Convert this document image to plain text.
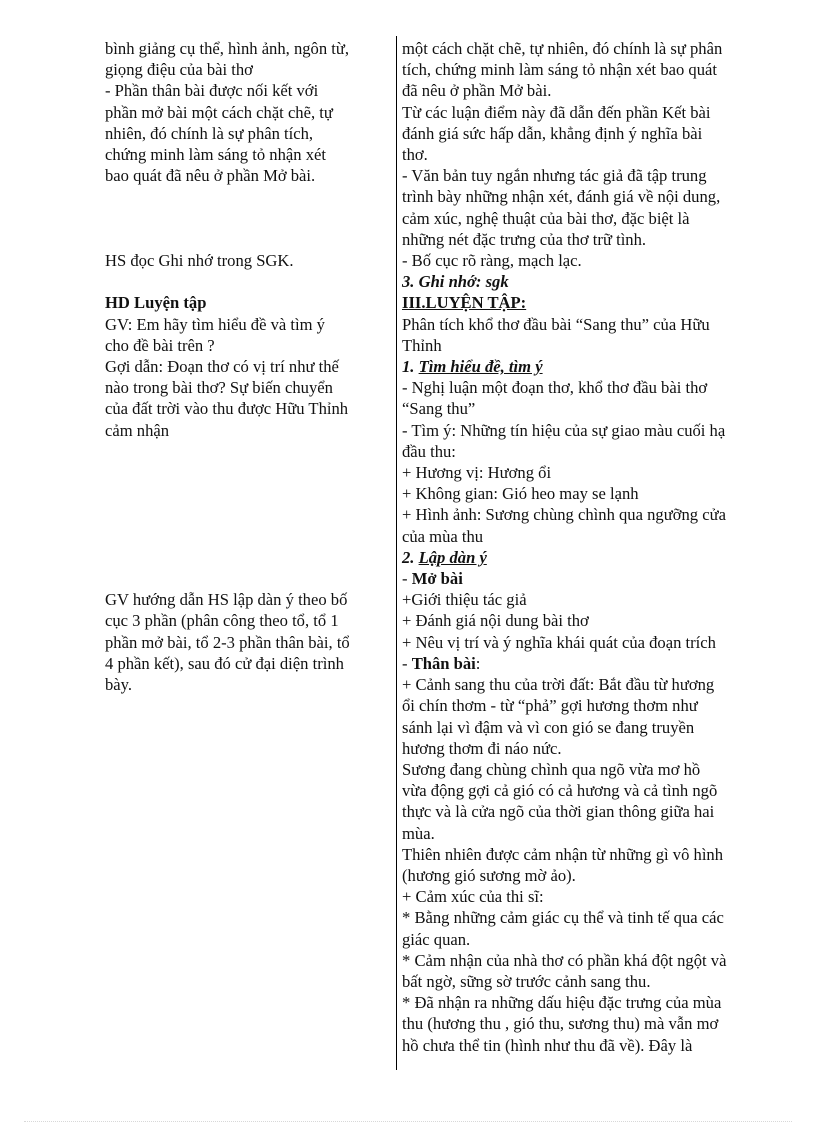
bình giảng cụ thể, hình ảnh, ngôn từ,
giọng điệu của bài thơ
- Phần thân bài được nối kết với
phần mở bài một cách chặt chẽ, tự
nhiên, đó chính là sự phân tích,
chứng minh làm sáng tỏ nhận xét
bao quát đã nêu ở phần Mở bài.
HS đọc Ghi nhớ trong SGK.
HD Luyện tập
GV: Em hãy tìm hiểu đề và tìm ý
cho đề bài trên ?
Gợi dẫn: Đoạn thơ có vị trí như thế
nào trong bài thơ? Sự biến chuyển
của đất trời vào thu được Hữu Thỉnh
cảm nhận
GV hướng dẫn HS lập dàn ý theo bố
cục 3 phần (phân công theo tổ, tổ 1
phần mở bài, tổ 2-3 phần thân bài, tổ
4 phần kết), sau đó cử đại diện trình
bày.
một cách chặt chẽ, tự nhiên, đó chính là sự phân
tích, chứng minh làm sáng tỏ nhận xét bao quát
đã nêu ở phần Mở bài.
Từ các luận điểm này đã dẫn đến phần Kết bài
đánh giá sức hấp dẫn, khẳng định ý nghĩa bài
thơ.
- Văn bản tuy ngắn nhưng tác giả đã tập trung
trình bày những nhận xét, đánh giá về nội dung,
cảm xúc, nghệ thuật của bài thơ, đặc biệt là
những nét đặc trưng của thơ trữ tình.
- Bố cục rõ ràng, mạch lạc.
3. Ghi nhớ: sgk
III.LUYỆN TẬP:
Phân tích khổ thơ đầu bài “Sang thu” của Hữu
Thỉnh
1. Tìm hiểu đề, tìm ý
- Nghị luận một đoạn thơ, khổ thơ đầu bài thơ
“Sang thu”
- Tìm ý: Những tín hiệu của sự giao màu cuối hạ
đầu thu:
+ Hương vị: Hương ổi
+ Không gian: Gió heo may se lạnh
+ Hình ảnh: Sương chùng chình qua ngưỡng cửa
của mùa thu
2. Lập dàn ý
- Mở bài
+Giới thiệu tác giả
+ Đánh giá nội dung bài thơ
+ Nêu vị trí và ý nghĩa khái quát của đoạn trích
- Thân bài:
+ Cảnh sang thu của trời đất: Bắt đầu từ hương
ổi chín thơm - từ “phả” gợi hương thơm như
sánh lại vì đậm và vì con gió se đang truyền
hương thơm đi náo nức.
Sương đang chùng chình qua ngõ vừa mơ hồ
vừa động gợi cả gió có cả hương và cả tình ngõ
thực và là cửa ngõ của thời gian thông giữa hai
mùa.
Thiên nhiên được cảm nhận từ những gì vô hình
(hương gió sương mờ ảo).
+ Cảm xúc của thi sĩ:
* Bằng những cảm giác cụ thể và tinh tế qua các
giác quan.
* Cảm nhận của nhà thơ có phần khá đột ngột và
bất ngờ, sững sờ trước cảnh sang thu.
* Đã nhận ra những dấu hiệu đặc trưng của mùa
thu (hương thu , gió thu, sương thu) mà vẫn mơ
hồ chưa thể tin (hình như thu đã về). Đây là
